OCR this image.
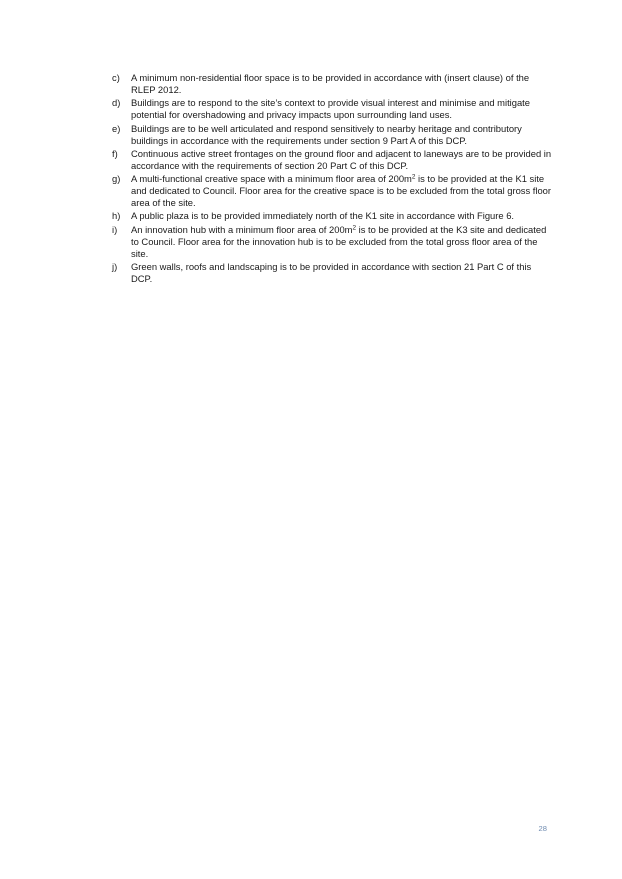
c)	A minimum non-residential floor space is to be provided in accordance with (insert clause) of the RLEP 2012.
d)	Buildings are to respond to the site’s context to provide visual interest and minimise and mitigate potential for overshadowing and privacy impacts upon surrounding land uses.
e)	Buildings are to be well articulated and respond sensitively to nearby heritage and contributory buildings in accordance with the requirements under section 9 Part A of this DCP.
f)	Continuous active street frontages on the ground floor and adjacent to laneways are to be provided in accordance with the requirements of section 20 Part C of this DCP.
g)	A multi-functional creative space with a minimum floor area of $200m^2$ is to be provided at the K1 site and dedicated to Council. Floor area for the creative space is to be excluded from the total gross floor area of the site.
h)	A public plaza is to be provided immediately north of the K1 site in accordance with Figure 6.
i)	An innovation hub with a minimum floor area of $200m^2$ is to be provided at the K3 site and dedicated to Council. Floor area for the innovation hub is to be excluded from the total gross floor area of the site.
j)	Green walls, roofs and landscaping is to be provided in accordance with section 21 Part C of this DCP.
28
